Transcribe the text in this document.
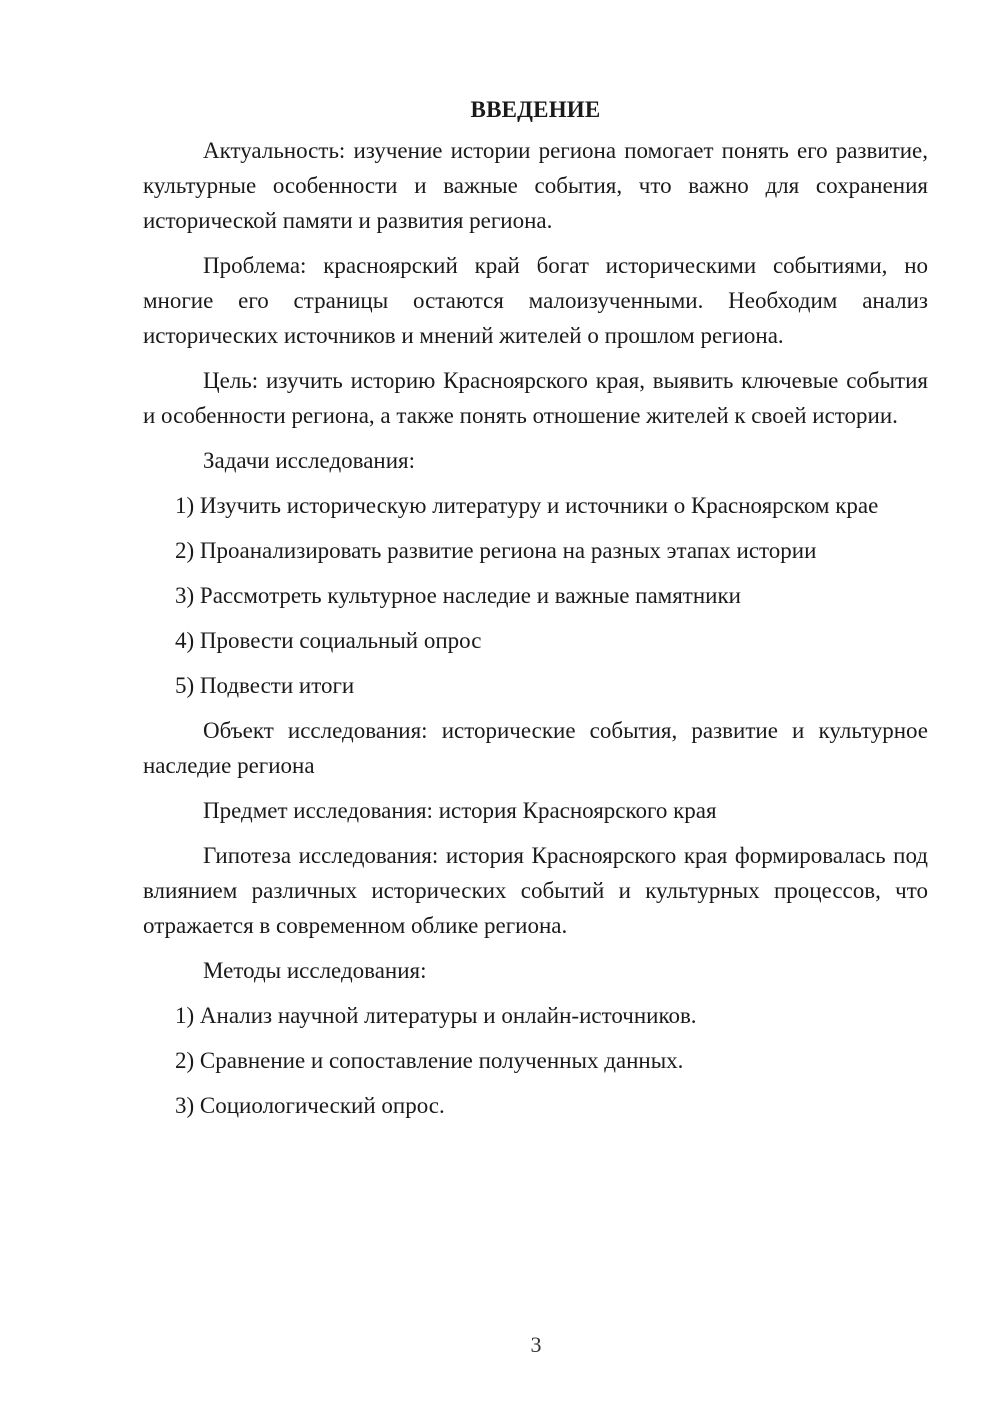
ВВЕДЕНИЕ

Актуальность: изучение истории региона помогает понять его развитие, культурные особенности и важные события, что важно для сохранения исторической памяти и развития региона.

Проблема: красноярский край богат историческими событиями, но многие его страницы остаются малоизученными. Необходим анализ исторических источников и мнений жителей о прошлом региона.

Цель: изучить историю Красноярского края, выявить ключевые события и особенности региона, а также понять отношение жителей к своей истории.

Задачи исследования:

1) Изучить историческую литературу и источники о Красноярском крае

2) Проанализировать развитие региона на разных этапах истории

3) Рассмотреть культурное наследие и важные памятники

4) Провести социальный опрос

5) Подвести итоги

Объект исследования: исторические события, развитие и культурное наследие региона

Предмет исследования: история Красноярского края

Гипотеза исследования: история Красноярского края формировалась под влиянием различных исторических событий и культурных процессов, что отражается в современном облике региона.

Методы исследования:

1) Анализ научной литературы и онлайн-источников.

2) Сравнение и сопоставление полученных данных.

3) Социологический опрос.

3
